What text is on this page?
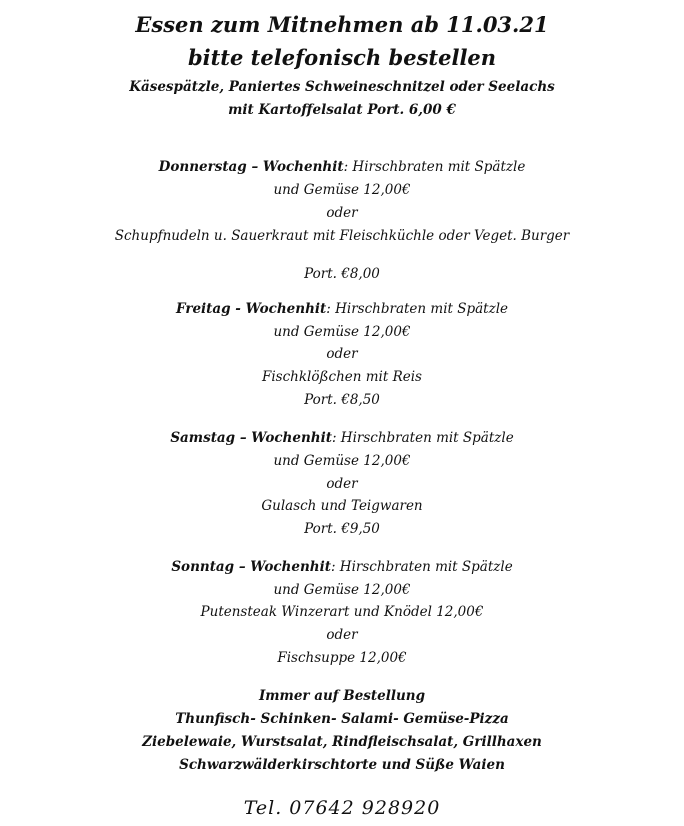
Essen zum Mitnehmen ab 11.03.21
bitte telefonisch bestellen
Käsespätzle, Paniertes Schweineschnitzel oder Seelachs
mit Kartoffelsalat Port. 6,00 €
Donnerstag – Wochenhit: Hirschbraten mit Spätzle
und Gemüse 12,00€
oder
Schupfnudeln u. Sauerkraut mit Fleischküchle oder Veget. Burger
Port. €8,00
Freitag - Wochenhit: Hirschbraten mit Spätzle
und Gemüse 12,00€
oder
Fischklößchen mit Reis
Port. €8,50
Samstag – Wochenhit: Hirschbraten mit Spätzle
und Gemüse 12,00€
oder
Gulasch und Teigwaren
Port. €9,50
Sonntag – Wochenhit: Hirschbraten mit Spätzle
und Gemüse 12,00€
Putensteak Winzerart und Knödel 12,00€
oder
Fischsuppe 12,00€
Immer auf Bestellung
Thunfisch- Schinken- Salami- Gemüse-Pizza
Ziebelewaie, Wurstsalat, Rindfleischsalat, Grillhaxen
Schwarzwälderkirschtorte und Süße Waien
Tel. 07642 928920
